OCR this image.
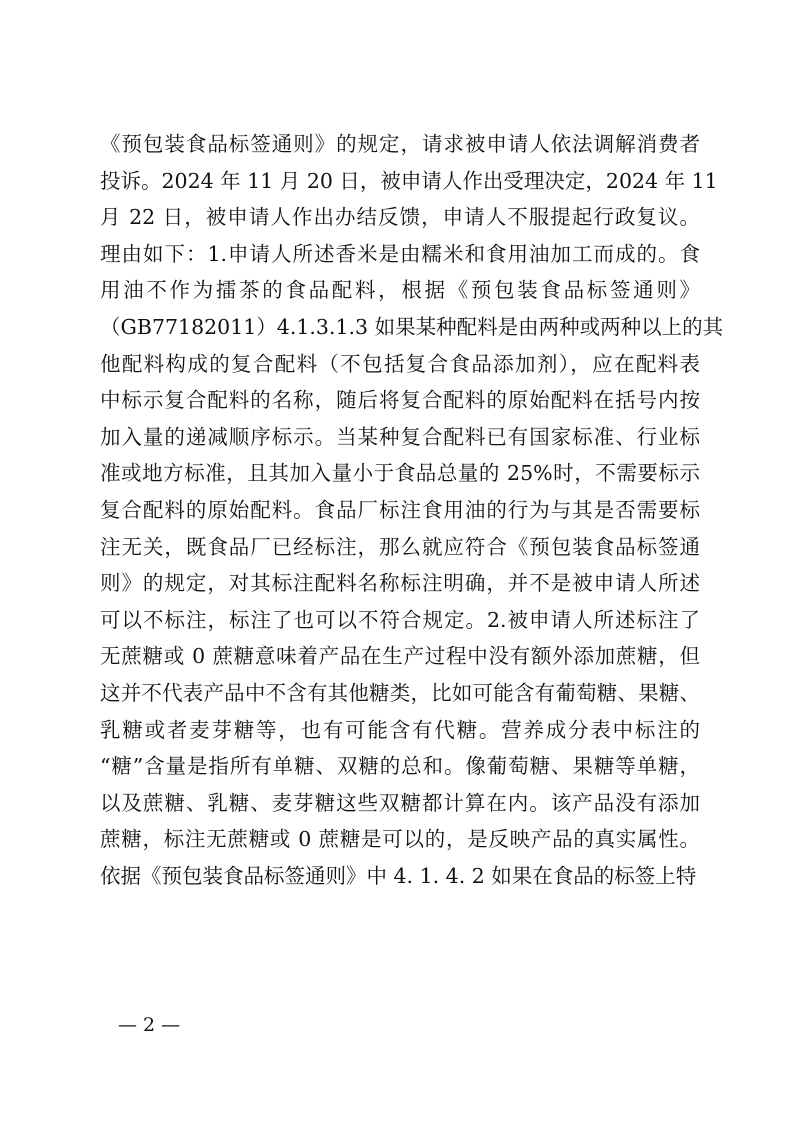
《预包装食品标签通则》的规定，请求被申请人依法调解消费者
投诉。2024 年 11 月 20 日，被申请人作出受理决定，2024 年 11
月 22 日，被申请人作出办结反馈，申请人不服提起行政复议。
理由如下：1.申请人所述香米是由糯米和食用油加工而成的。食
用油不作为擂茶的食品配料，根据《预包装食品标签通则》
（GB77182011）4.1.3.1.3 如果某种配料是由两种或两种以上的其
他配料构成的复合配料（不包括复合食品添加剂），应在配料表
中标示复合配料的名称，随后将复合配料的原始配料在括号内按
加入量的递减顺序标示。当某种复合配料已有国家标准、行业标
准或地方标准，且其加入量小于食品总量的 25%时，不需要标示
复合配料的原始配料。食品厂标注食用油的行为与其是否需要标
注无关，既食品厂已经标注，那么就应符合《预包装食品标签通
则》的规定，对其标注配料名称标注明确，并不是被申请人所述
可以不标注，标注了也可以不符合规定。2.被申请人所述标注了
无蔗糖或 0 蔗糖意味着产品在生产过程中没有额外添加蔗糖，但
这并不代表产品中不含有其他糖类，比如可能含有葡萄糖、果糖、
乳糖或者麦芽糖等，也有可能含有代糖。营养成分表中标注的
“糖”含量是指所有单糖、双糖的总和。像葡萄糖、果糖等单糖，
以及蔗糖、乳糖、麦芽糖这些双糖都计算在内。该产品没有添加
蔗糖，标注无蔗糖或 0 蔗糖是可以的，是反映产品的真实属性。
依据《预包装食品标签通则》中 4. 1. 4. 2 如果在食品的标签上特
— 2 —
